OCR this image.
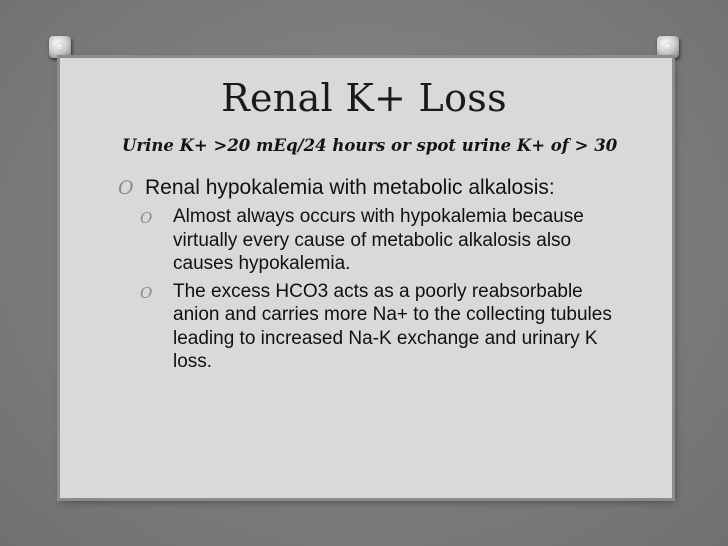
Renal K+ Loss
Urine K+ >20 mEq/24 hours or spot urine K+ of > 30
O Renal hypokalemia with metabolic alkalosis:
O Almost always occurs with hypokalemia because virtually every cause of metabolic alkalosis also causes hypokalemia.
O The excess HCO3 acts as a poorly reabsorbable anion and carries more Na+ to the collecting tubules leading to increased Na-K exchange and urinary K loss.
